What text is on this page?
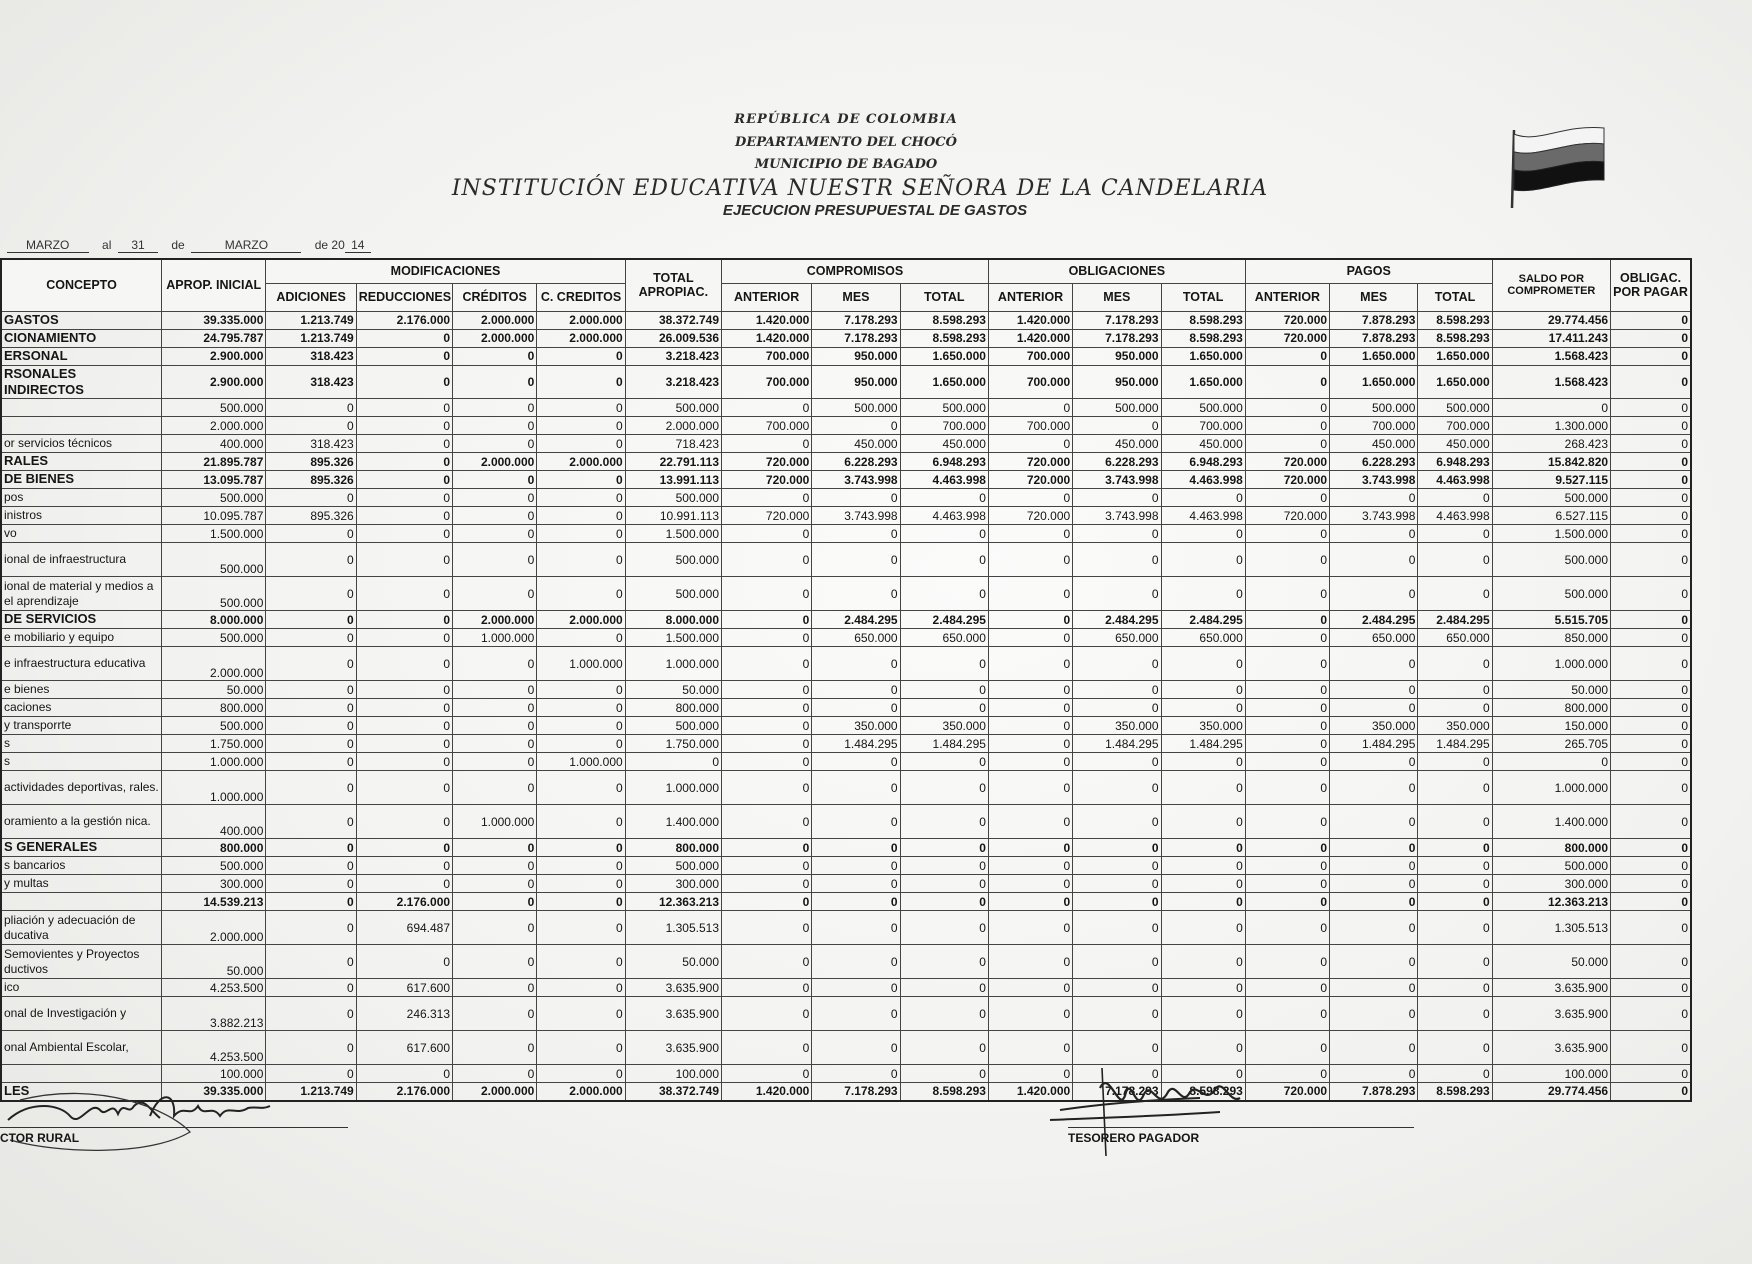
REPÚBLICA DE COLOMBIA
DEPARTAMENTO DEL CHOCÓ
MUNICIPIO DE BAGADO
INSTITUCIÓN EDUCATIVA NUESTR SEÑORA DE LA CANDELARIA
EJECUCION PRESUPUESTAL DE GASTOS
MARZO	al 31 de	MARZO	de 20 14
CONCEPTO	APROP. INICIAL	MODIFICACIONES				TOTAL APROPIAC.	COMPROMISOS			OBLIGACIONES			PAGOS			SALDO POR COMPROMETER	OBLIGAC. POR PAGAR
		ADICIONES	REDUCCIONES	CRÉDITOS	C. CREDITOS		ANTERIOR	MES	TOTAL	ANTERIOR	MES	TOTAL	ANTERIOR	MES	TOTAL		
GASTOS	39.335.000	1.213.749	2.176.000	2.000.000	2.000.000	38.372.749	1.420.000	7.178.293	8.598.293	1.420.000	7.178.293	8.598.293	720.000	7.878.293	8.598.293	29.774.456	0
CIONAMIENTO	24.795.787	1.213.749	0	2.000.000	2.000.000	26.009.536	1.420.000	7.178.293	8.598.293	1.420.000	7.178.293	8.598.293	720.000	7.878.293	8.598.293	17.411.243	0
ERSONAL	2.900.000	318.423	0	0	0	3.218.423	700.000	950.000	1.650.000	700.000	950.000	1.650.000	0	1.650.000	1.650.000	1.568.423	0
RSONALES INDIRECTOS	2.900.000	318.423	0	0	0	3.218.423	700.000	950.000	1.650.000	700.000	950.000	1.650.000	0	1.650.000	1.650.000	1.568.423	0
	500.000	0	0	0	0	500.000	0	500.000	500.000	0	500.000	500.000	0	500.000	500.000	0	0
	2.000.000	0	0	0	0	2.000.000	700.000	0	700.000	700.000	0	700.000	0	700.000	700.000	1.300.000	0
or servicios técnicos	400.000	318.423	0	0	0	718.423	0	450.000	450.000	0	450.000	450.000	0	450.000	450.000	268.423	0
RALES	21.895.787	895.326	0	2.000.000	2.000.000	22.791.113	720.000	6.228.293	6.948.293	720.000	6.228.293	6.948.293	720.000	6.228.293	6.948.293	15.842.820	0
DE BIENES	13.095.787	895.326	0	0	0	13.991.113	720.000	3.743.998	4.463.998	720.000	3.743.998	4.463.998	720.000	3.743.998	4.463.998	9.527.115	0
pos	500.000	0	0	0	0	500.000	0	0	0	0	0	0	0	0	0	500.000	0
inistros	10.095.787	895.326	0	0	0	10.991.113	720.000	3.743.998	4.463.998	720.000	3.743.998	4.463.998	720.000	3.743.998	4.463.998	6.527.115	0
vo	1.500.000	0	0	0	0	1.500.000	0	0	0	0	0	0	0	0	0	1.500.000	0
ional de infraestructura	500.000	0	0	0	0	500.000	0	0	0	0	0	0	0	0	0	500.000	0
ional de material y medios a el aprendizaje	500.000	0	0	0	0	500.000	0	0	0	0	0	0	0	0	0	500.000	0
DE SERVICIOS	8.000.000	0	0	2.000.000	2.000.000	8.000.000	0	2.484.295	2.484.295	0	2.484.295	2.484.295	0	2.484.295	2.484.295	5.515.705	0
e mobiliario y equipo	500.000	0	0	1.000.000	0	1.500.000	0	650.000	650.000	0	650.000	650.000	0	650.000	650.000	850.000	0
e infraestructura educativa	2.000.000	0	0	0	1.000.000	1.000.000	0	0	0	0	0	0	0	0	0	1.000.000	0
e bienes	50.000	0	0	0	0	50.000	0	0	0	0	0	0	0	0	0	50.000	0
caciones	800.000	0	0	0	0	800.000	0	0	0	0	0	0	0	0	0	800.000	0
y transporrte	500.000	0	0	0	0	500.000	0	350.000	350.000	0	350.000	350.000	0	350.000	350.000	150.000	0
s	1.750.000	0	0	0	0	1.750.000	0	1.484.295	1.484.295	0	1.484.295	1.484.295	0	1.484.295	1.484.295	265.705	0
s	1.000.000	0	0	0	1.000.000	0	0	0	0	0	0	0	0	0	0	0	0
actividades deportivas, rales.	1.000.000	0	0	0	0	1.000.000	0	0	0	0	0	0	0	0	0	1.000.000	0
oramiento a la gestión nica.	400.000	0	0	1.000.000	0	1.400.000	0	0	0	0	0	0	0	0	0	1.400.000	0
S GENERALES	800.000	0	0	0	0	800.000	0	0	0	0	0	0	0	0	0	800.000	0
s bancarios	500.000	0	0	0	0	500.000	0	0	0	0	0	0	0	0	0	500.000	0
y multas	300.000	0	0	0	0	300.000	0	0	0	0	0	0	0	0	0	300.000	0
	14.539.213	0	2.176.000	0	0	12.363.213	0	0	0	0	0	0	0	0	0	12.363.213	0
pliación y adecuación de ducativa	2.000.000	0	694.487	0	0	1.305.513	0	0	0	0	0	0	0	0	0	1.305.513	0
Semovientes y Proyectos ductivos	50.000	0	0	0	0	50.000	0	0	0	0	0	0	0	0	0	50.000	0
ico	4.253.500	0	617.600	0	0	3.635.900	0	0	0	0	0	0	0	0	0	3.635.900	0
onal de Investigación y	3.882.213	0	246.313	0	0	3.635.900	0	0	0	0	0	0	0	0	0	3.635.900	0
onal Ambiental Escolar,	4.253.500	0	617.600	0	0	3.635.900	0	0	0	0	0	0	0	0	0	3.635.900	0
	100.000	0	0	0	0	100.000	0	0	0	0	0	0	0	0	0	100.000	0
LES	39.335.000	1.213.749	2.176.000	2.000.000	2.000.000	38.372.749	1.420.000	7.178.293	8.598.293	1.420.000	7.178.293	8.598.293	720.000	7.878.293	8.598.293	29.774.456	0
CTOR RURAL	TESORERO PAGADOR
